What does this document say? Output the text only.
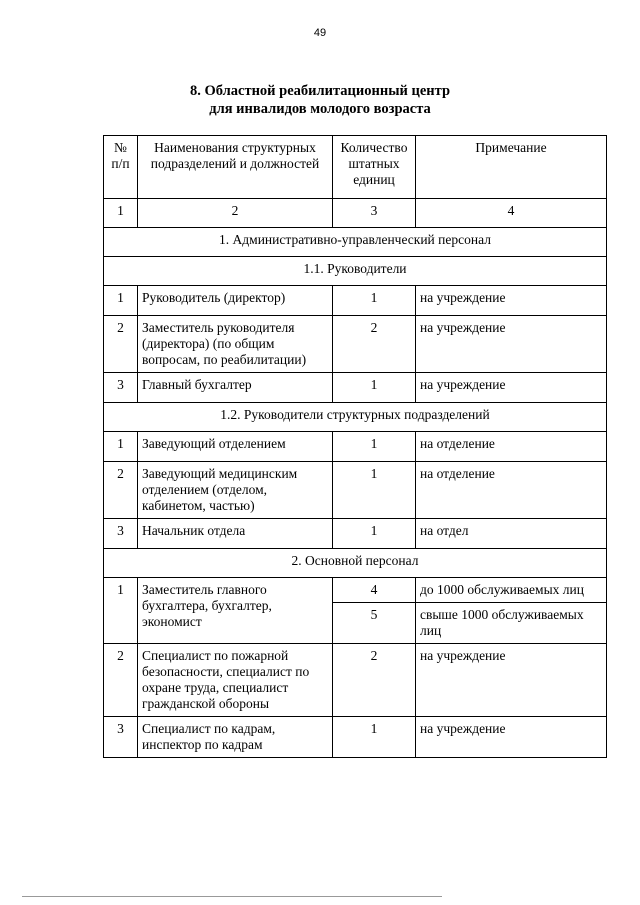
49
8. Областной реабилитационный центр
для инвалидов молодого возраста
№ п/п	Наименования структурных подразделений и должностей	Количество штатных единиц	Примечание
1	2	3	4
1. Административно-управленческий персонал			
1.1. Руководители			
1	Руководитель (директор)	1	на учреждение
2	Заместитель руководителя (директора) (по общим вопросам, по реабилитации)	2	на учреждение
3	Главный бухгалтер	1	на учреждение
1.2. Руководители структурных подразделений			
1	Заведующий отделением	1	на отделение
2	Заведующий медицинским отделением (отделом, кабинетом, частью)	1	на отделение
3	Начальник отдела	1	на отдел
2. Основной персонал			
1	Заместитель главного бухгалтера, бухгалтер, экономист	4	до 1000 обслуживаемых лиц
		5	свыше 1000 обслуживаемых лиц
2	Специалист по пожарной безопасности, специалист по охране труда, специалист гражданской обороны	2	на учреждение
3	Специалист по кадрам, инспектор по кадрам	1	на учреждение
